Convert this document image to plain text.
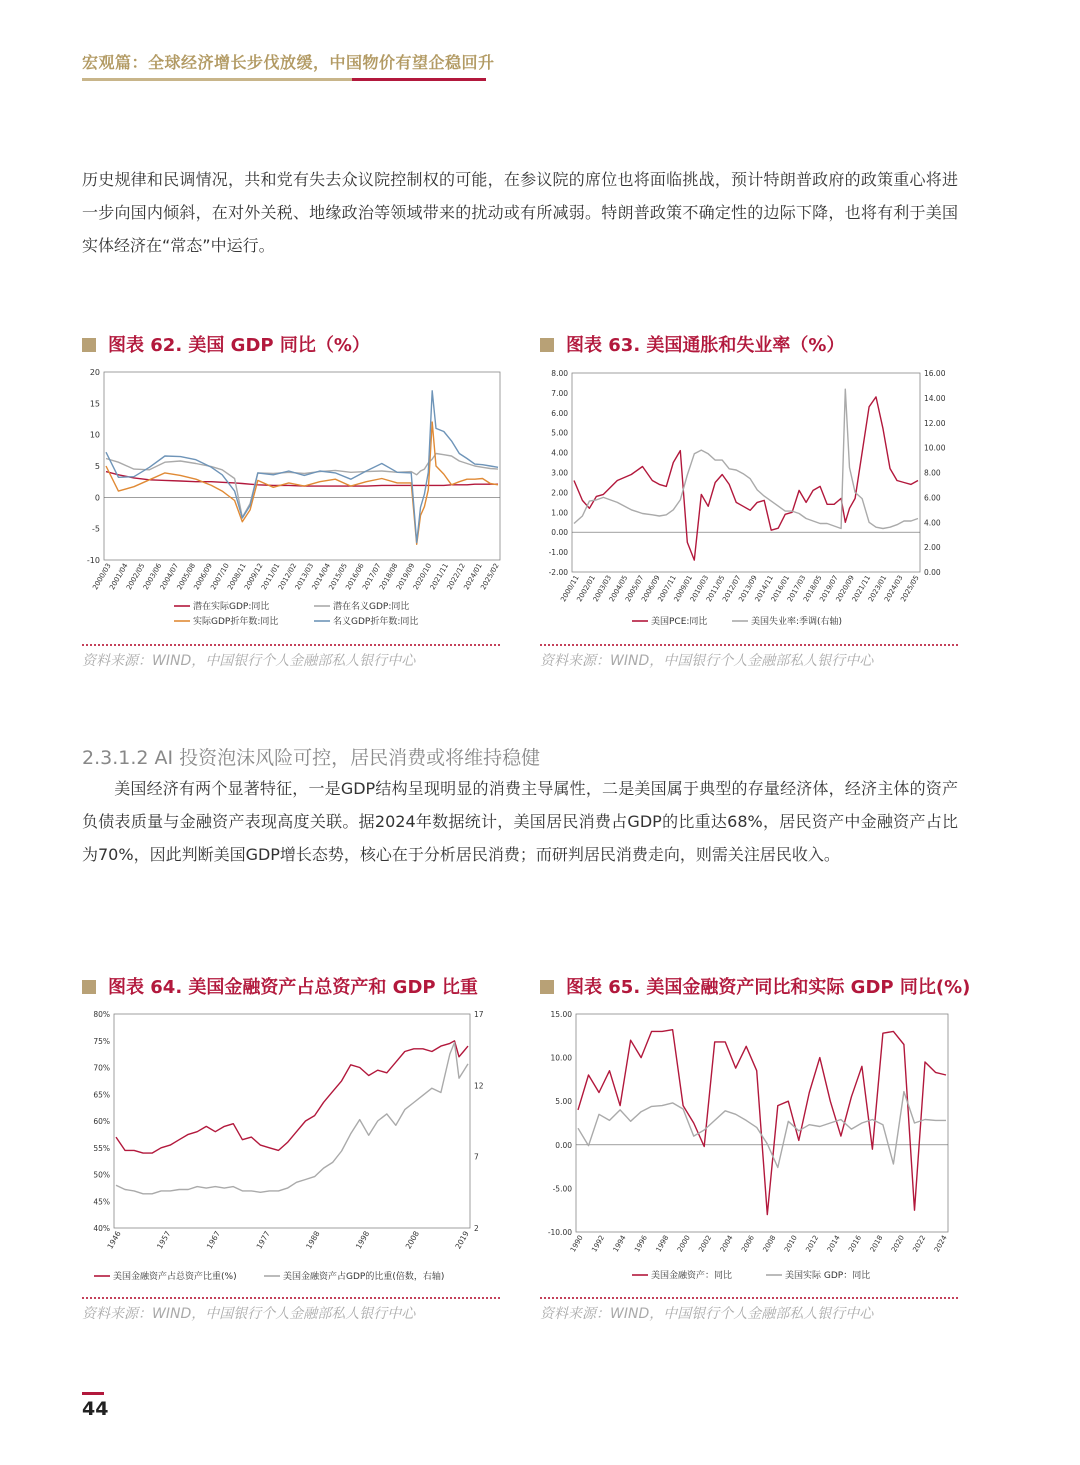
宏观篇：全球经济增长步伐放缓，中国物价有望企稳回升
历史规律和民调情况，共和党有失去众议院控制权的可能，在参议院的席位也将面临挑战，预计特朗普政府的政策重心将进一步向国内倾斜，在对外关税、地缘政治等领域带来的扰动或有所减弱。特朗普政策不确定性的边际下降，也将有利于美国实体经济在“常态”中运行。
图表 62. 美国 GDP 同比（%）
20
15
10
5
0
-5
-10
2000/03
2001/04
2002/05
2003/06
2004/07
2005/08
2006/09
2007/10
2008/11
2009/12
2011/01
2012/02
2013/03
2014/04
2015/05
2016/06
2017/07
2018/08
2019/09
2020/10
2021/11
2022/12
2024/01
2025/02
潜在实际GDP:同比	潜在名义GDP:同比
实际GDP折年数:同比	名义GDP折年数:同比
资料来源：WIND，中国银行个人金融部私人银行中心
图表 63. 美国通胀和失业率（%）
8.00
7.00
6.00
5.00
4.00
3.00
2.00
1.00
0.00
-1.00
-2.00
16.00
14.00
12.00
10.00
8.00
6.00
4.00
2.00
0.00
2000/11
2002/01
2003/03
2004/05
2005/07
2006/09
2007/11
2009/01
2010/03
2011/05
2012/07
2013/09
2014/11
2016/01
2017/03
2018/05
2019/07
2020/09
2021/11
2023/01
2024/03
2025/05
美国PCE:同比	美国失业率:季调(右轴)
资料来源：WIND，中国银行个人金融部私人银行中心
2.3.1.2 AI 投资泡沫风险可控，居民消费或将维持稳健
美国经济有两个显著特征，一是GDP结构呈现明显的消费主导属性，二是美国属于典型的存量经济体，经济主体的资产负债表质量与金融资产表现高度关联。据2024年数据统计，美国居民消费占GDP的比重达68%，居民资产中金融资产占比为70%，因此判断美国GDP增长态势，核心在于分析居民消费；而研判居民消费走向，则需关注居民收入。
图表 64. 美国金融资产占总资产和 GDP 比重
80%
75%
70%
65%
60%
55%
50%
45%
40%
17
12
7
2
1946	1957	1967	1977	1988	1998	2008	2019
美国金融资产占总资产比重(%)	美国金融资产占GDP的比重(倍数，右轴)
资料来源：WIND，中国银行个人金融部私人银行中心
图表 65. 美国金融资产同比和实际 GDP 同比(%)
15.00
10.00
5.00
0.00
-5.00
-10.00
1990 1992 1994 1996 1998 2000 2002 2004 2006 2008 2010 2012 2014 2016 2018 2020 2022 2024
美国金融资产：同比	美国实际 GDP：同比
资料来源：WIND，中国银行个人金融部私人银行中心
44
